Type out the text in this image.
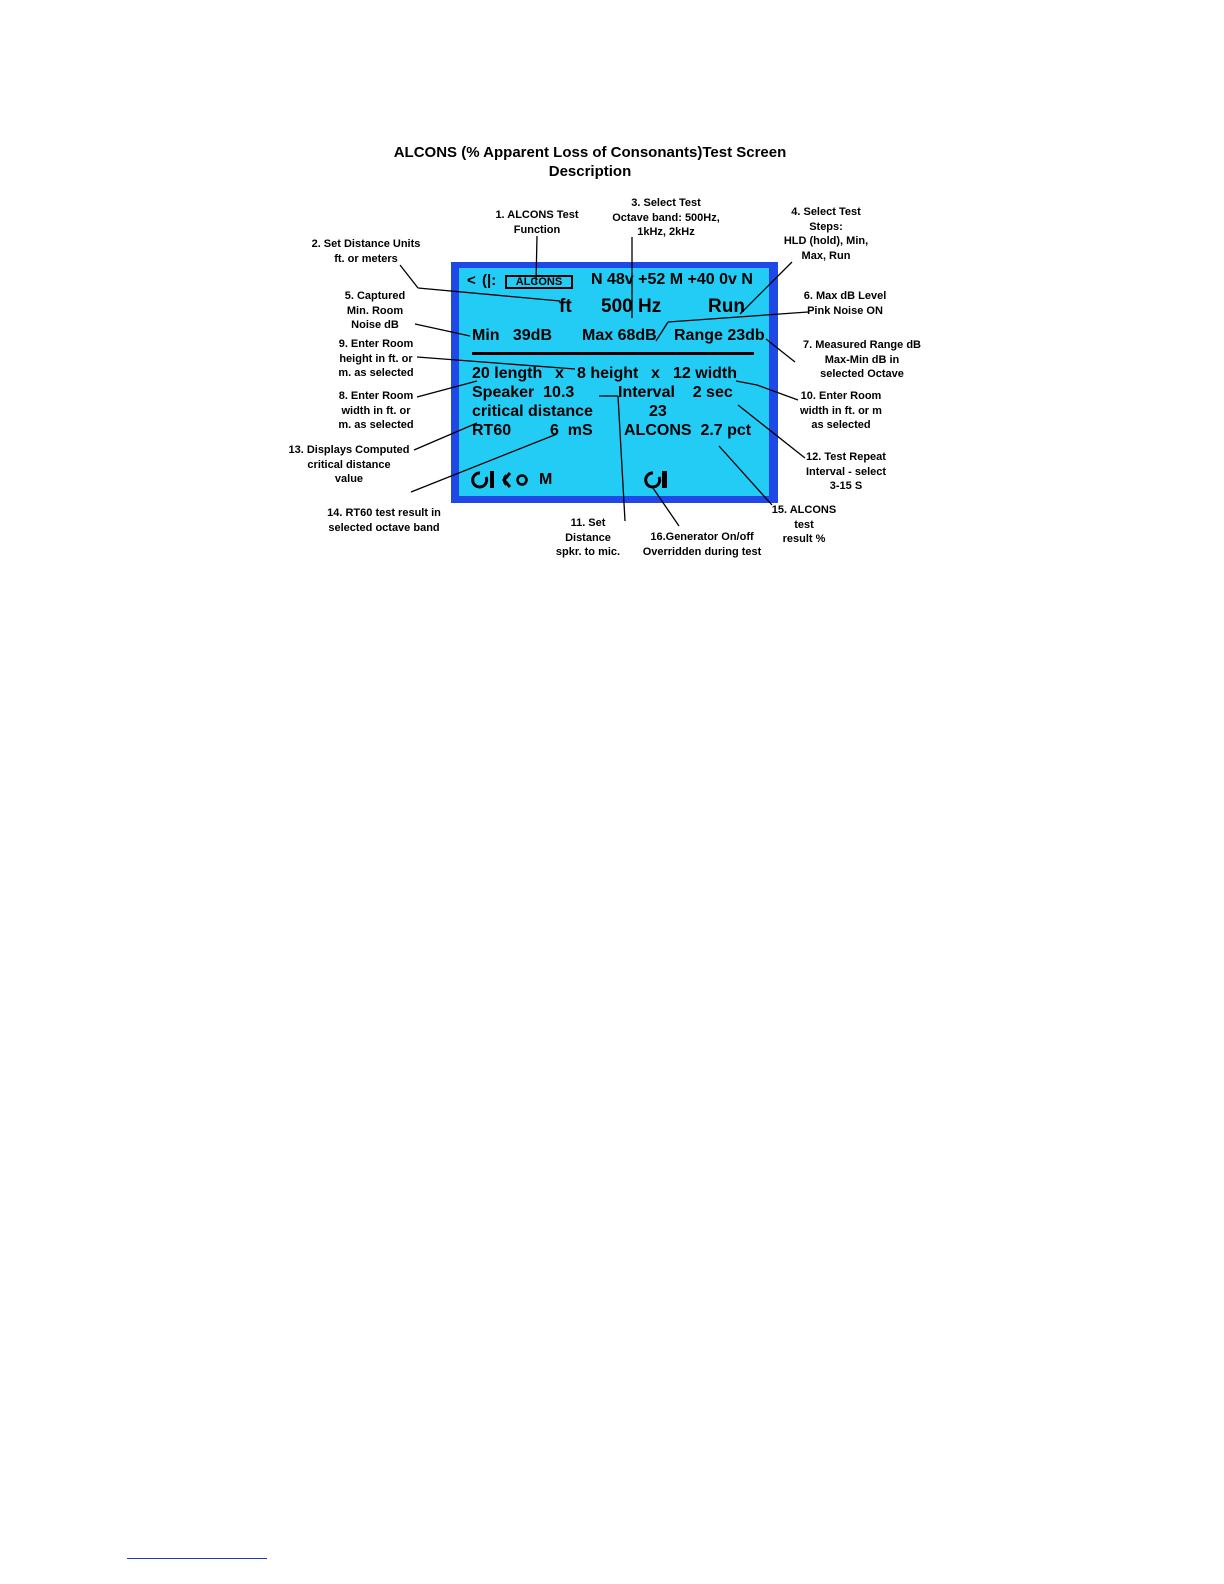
ALCONS (% Apparent Loss of Consonants)Test Screen
Description
< (|:	ALCONS	N 48v +52 M +40 0v N
ft 500 Hz Run
Min   39dB Max 68dB Range 23db
20 length x 8 height x 12 width
Speaker  10.3	Interval    2 sec
critical distance	23
RT60 6  mS ALCONS  2.7 pct
M
1. ALCONS Test
Function
2. Set Distance Units
ft. or meters
3. Select Test
Octave band: 500Hz,
1kHz, 2kHz
4. Select Test
Steps:
HLD (hold), Min,
Max, Run
5. Captured
Min. Room
Noise dB
6. Max dB Level
Pink Noise ON
7. Measured Range dB
Max-Min dB in
selected Octave
8. Enter Room
width in ft. or
m. as selected
9. Enter Room
height in ft. or
m. as selected
10. Enter Room
width in ft. or m
as selected
11. Set
Distance
spkr. to mic.
12. Test Repeat
Interval - select
3-15 S
13. Displays Computed
critical distance
value
14. RT60 test result in
selected octave band
15. ALCONS
test
result %
16.Generator On/off
Overridden during test
